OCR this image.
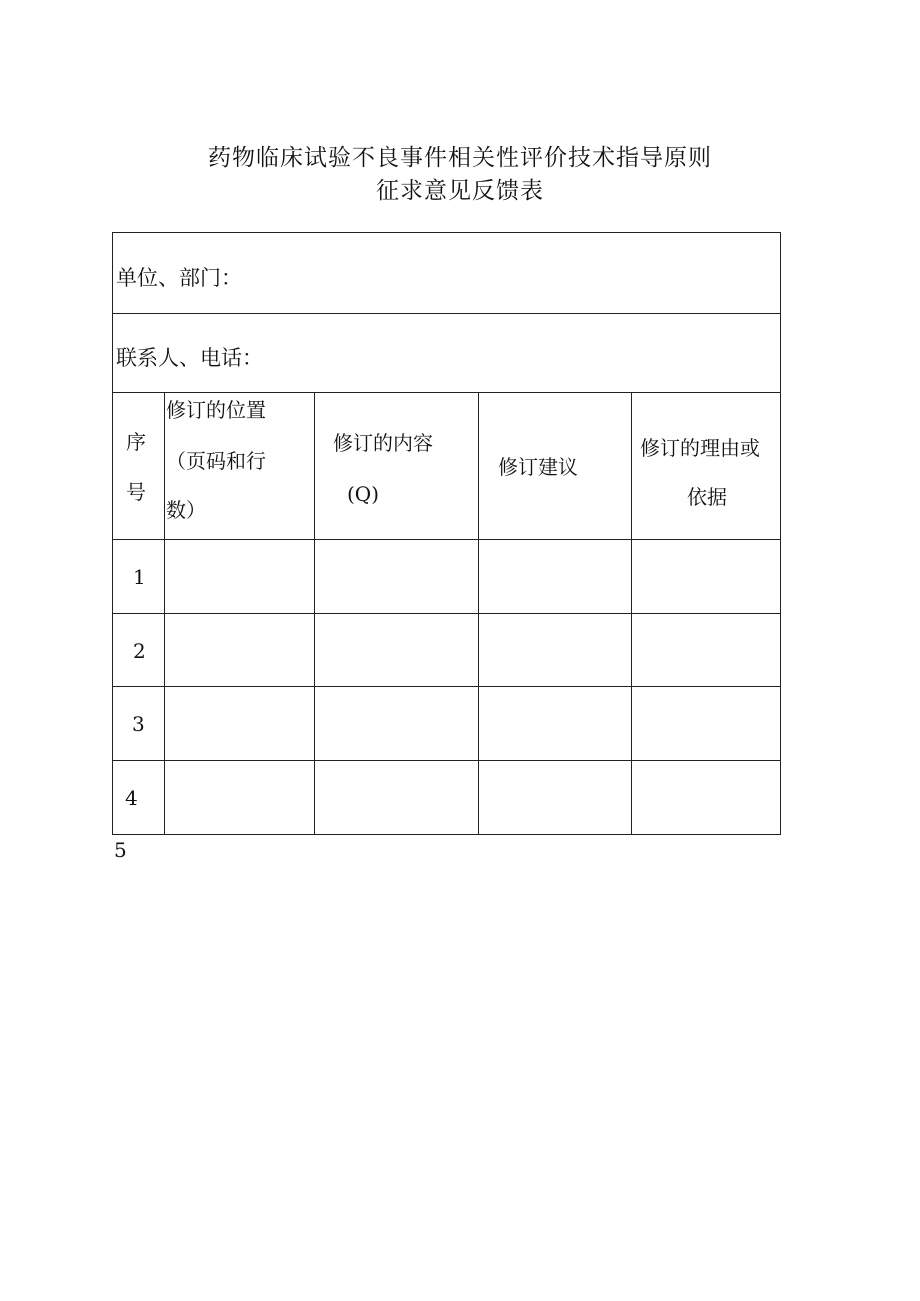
药物临床试验不良事件相关性评价技术指导原则
征求意见反馈表
单位、部门：
联系人、电话：
序
号
修订的位置
（页码和行
数）
修订的内容
(Q)
修订建议
修订的理由或
依据
1
2
3
4
5
